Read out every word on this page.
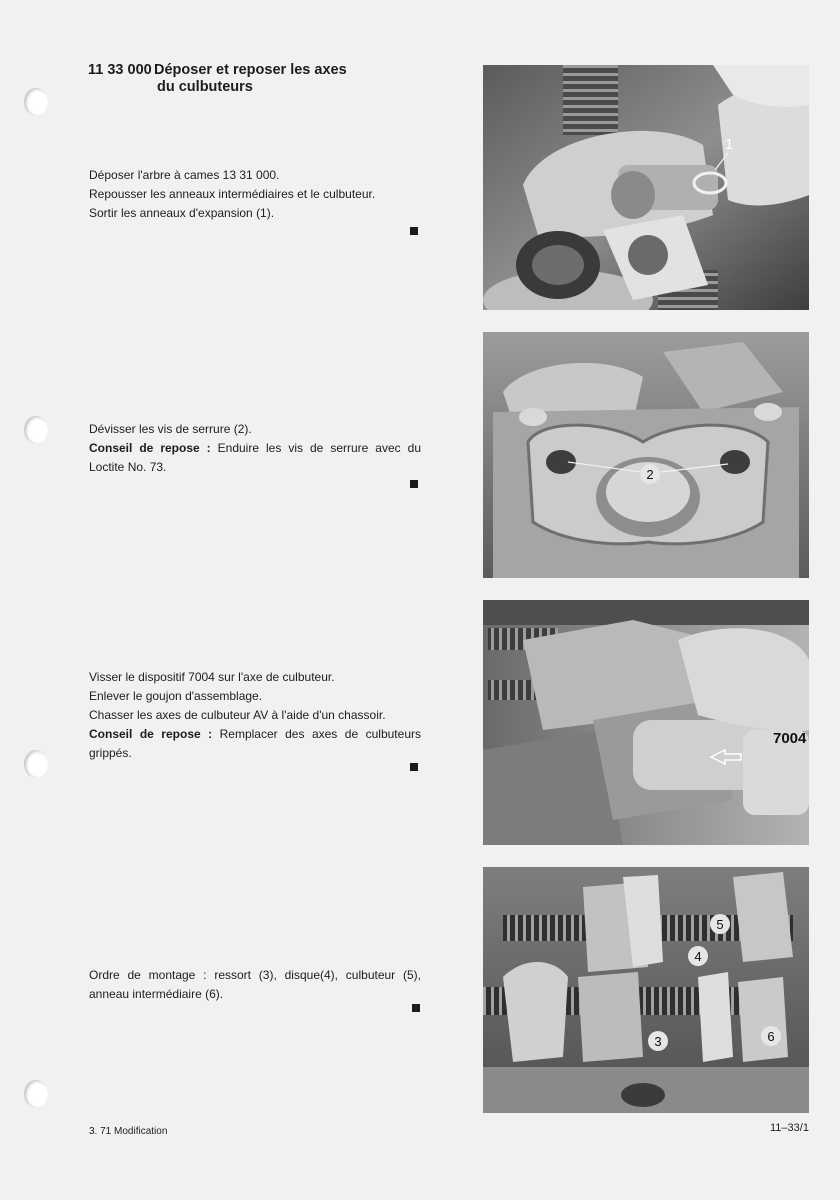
11 33 000 Déposer et reposer les axes
du culbuteurs

Déposer l'arbre à cames 13 31 000.

Repousser les anneaux intermédiaires et le culbuteur.

Sortir les anneaux d'expansion (1).

Dévisser les vis de serrure (2).

Conseil de repose : Enduire les vis de serrure avec du Loctite No. 73.

Visser le dispositif 7004 sur l'axe de culbuteur.

Enlever le goujon d'assemblage.

Chasser les axes de culbuteur AV à l'aide d'un chassoir.

Conseil de repose : Remplacer des axes de culbuteurs grippés.

Ordre de montage : ressort (3), disque(4), culbuteur (5), anneau intermédiaire (6).

1
2
7004
5
4
3	6
3. 71 Modification	11–33/1
